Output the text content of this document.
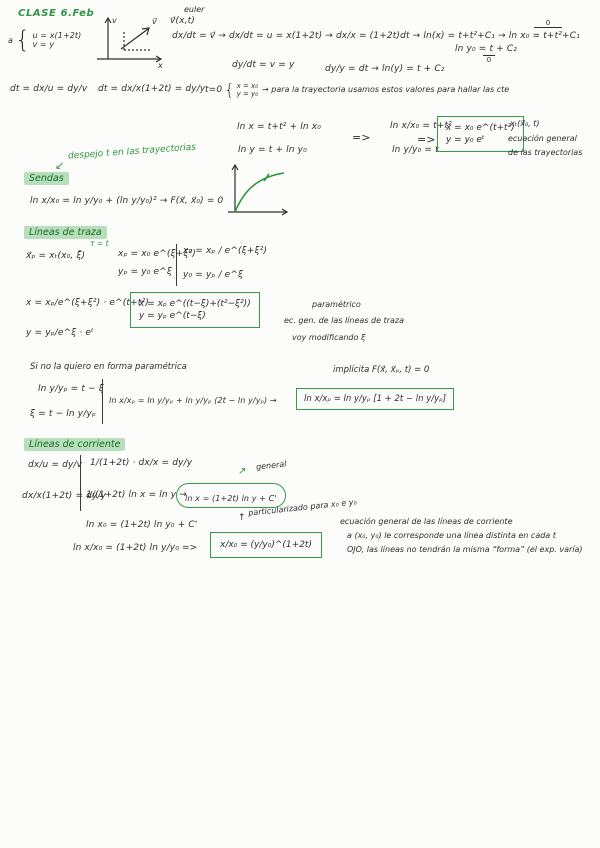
CLASE 6.Feb
a { u = x(1+2t)
v = y
v
x
v⃗
euler
v⃗(x,t)
dx/dt = v⃗ → dx/dt = u = x(1+2t) → dx/x = (1+2t)dt → ln(x) = t+t²+C₁ → ln x₀ = t+t²+C₁
0
ln y₀ = t + C₂
0
dy/dt = v = y	dy/y = dt → ln(y) = t + C₂
dt = dx/u = dy/v dt = dx/x(1+2t) = dy/y t=0 { x = x₀
y = y₀ → para la trayectoria usamos estos valores para hallar las cte
ln x = t+t² + ln x₀
ln y = t + ln y₀
=>
ln x/x₀ = t+t²
ln y/y₀ = t
=>
x = x₀ e^(t+t²)
y = y₀ eᵗ
xₜ(x⃗₀, t)
ecuación general
de las trayectorias
despejo t en las trayectorias
↙
Sendas
ln x/x₀ = ln y/y₀ + (ln y/y₀)² → F(x⃗, x⃗₀) = 0
Líneas de traza
τ = t
x⃗ₚ = xₜ(x₀, ξ̄)	xₚ = x₀ e^(ξ+ξ²)
yₚ = y₀ e^ξ
x₀ = xₚ / e^(ξ+ξ²)
y₀ = yₚ / e^ξ
x = xₚ/e^(ξ+ξ²) · e^(t+t²)
y = yₚ/e^ξ · eᵗ
x = xₚ e^((t−ξ)+(t²−ξ²))
y = yₚ e^(t−ξ)
paramétrico
ec. gen. de las líneas de traza
voy modificando ξ
Si no la quiero en forma paramétrica
ln y/yₚ = t − ξ
ξ = t − ln y/yₚ
ln x/xₚ = ln y/yₚ + ln y/yₚ (2t − ln y/yₚ) →
implícita F(x⃗, x⃗ₚ, t) = 0
ln x/xₚ = ln y/yₚ [1 + 2t − ln y/yₚ]
Líneas de corriente
dx/u = dy/v
dx/x(1+2t) = dy/y
1/(1+2t) · dx/x = dy/y
1/(1+2t) ln x = ln y →
ln x = (1+2t) ln y + C'
↗ general
ln x₀ = (1+2t) ln y₀ + C'
↑
particularizado para x₀ e y₀
ln x/x₀ = (1+2t) ln y/y₀ =>	x/x₀ = (y/y₀)^(1+2t)
ecuación general de las líneas de corriente
a (x₀, y₀) le corresponde una línea distinta en cada t
OJO, las líneas no tendrán la misma “forma” (el exp. varía)
